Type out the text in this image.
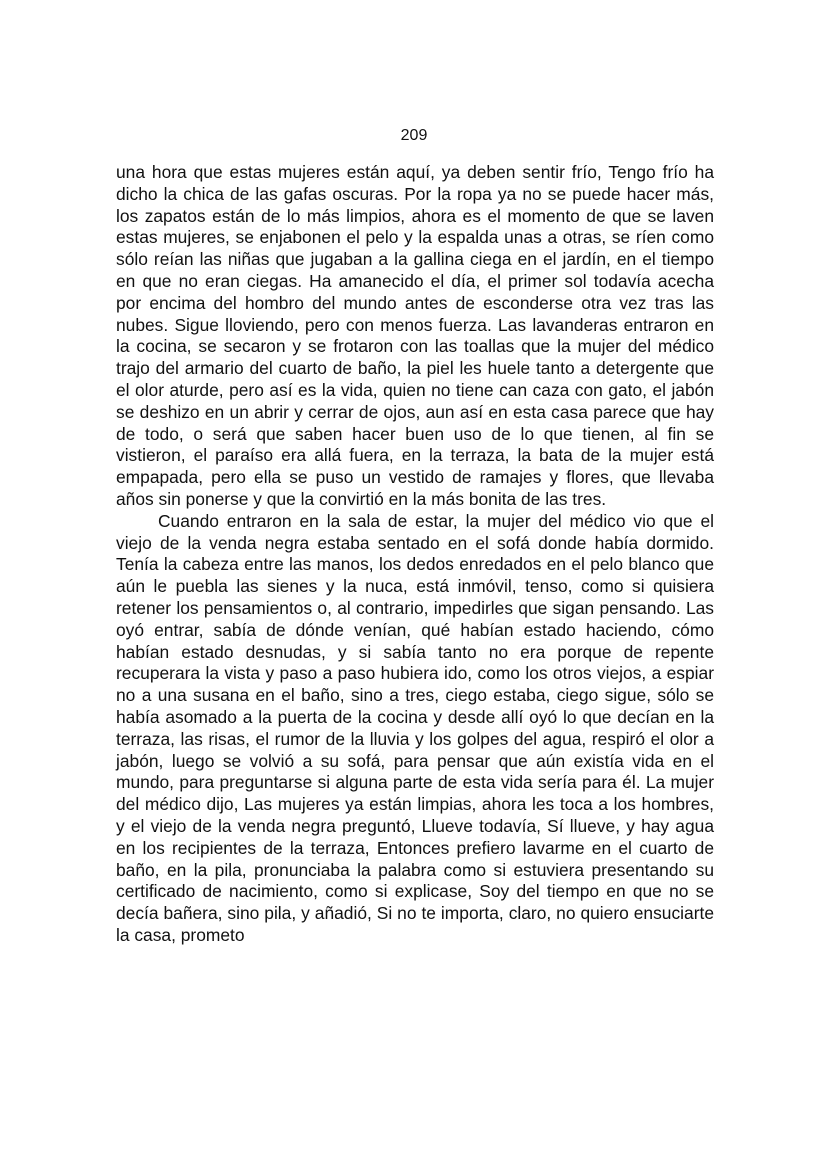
209

una hora que estas mujeres están aquí, ya deben sentir frío, Tengo frío ha dicho la chica de las gafas oscuras. Por la ropa ya no se puede hacer más, los zapatos están de lo más limpios, ahora es el momento de que se laven estas mujeres, se enjabonen el pelo y la espalda unas a otras, se ríen como sólo reían las niñas que jugaban a la gallina ciega en el jardín, en el tiempo en que no eran ciegas. Ha amanecido el día, el primer sol todavía acecha por encima del hombro del mundo antes de esconderse otra vez tras las nubes. Sigue lloviendo, pero con menos fuerza. Las lavanderas entraron en la cocina, se secaron y se frotaron con las toallas que la mujer del médico trajo del armario del cuarto de baño, la piel les huele tanto a detergente que el olor aturde, pero así es la vida, quien no tiene can caza con gato, el jabón se deshizo en un abrir y cerrar de ojos, aun así en esta casa parece que hay de todo, o será que saben hacer buen uso de lo que tienen, al fin se vistieron, el paraíso era allá fuera, en la terraza, la bata de la mujer está empapada, pero ella se puso un vestido de ramajes y flores, que llevaba años sin ponerse y que la convirtió en la más bonita de las tres.

Cuando entraron en la sala de estar, la mujer del médico vio que el viejo de la venda negra estaba sentado en el sofá donde había dormido. Tenía la cabeza entre las manos, los dedos enredados en el pelo blanco que aún le puebla las sienes y la nuca, está inmóvil, tenso, como si quisiera retener los pensamientos o, al contrario, impedirles que sigan pensando. Las oyó entrar, sabía de dónde venían, qué habían estado haciendo, cómo habían estado desnudas, y si sabía tanto no era porque de repente recuperara la vista y paso a paso hubiera ido, como los otros viejos, a espiar no a una susana en el baño, sino a tres, ciego estaba, ciego sigue, sólo se había asomado a la puerta de la cocina y desde allí oyó lo que decían en la terraza, las risas, el rumor de la lluvia y los golpes del agua, respiró el olor a jabón, luego se volvió a su sofá, para pensar que aún existía vida en el mundo, para preguntarse si alguna parte de esta vida sería para él. La mujer del médico dijo, Las mujeres ya están limpias, ahora les toca a los hombres, y el viejo de la venda negra preguntó, Llueve todavía, Sí llueve, y hay agua en los recipientes de la terraza, Entonces prefiero lavarme en el cuarto de baño, en la pila, pronunciaba la palabra como si estuviera presentando su certificado de nacimiento, como si explicase, Soy del tiempo en que no se decía bañera, sino pila, y añadió, Si no te importa, claro, no quiero ensuciarte la casa, prometo
